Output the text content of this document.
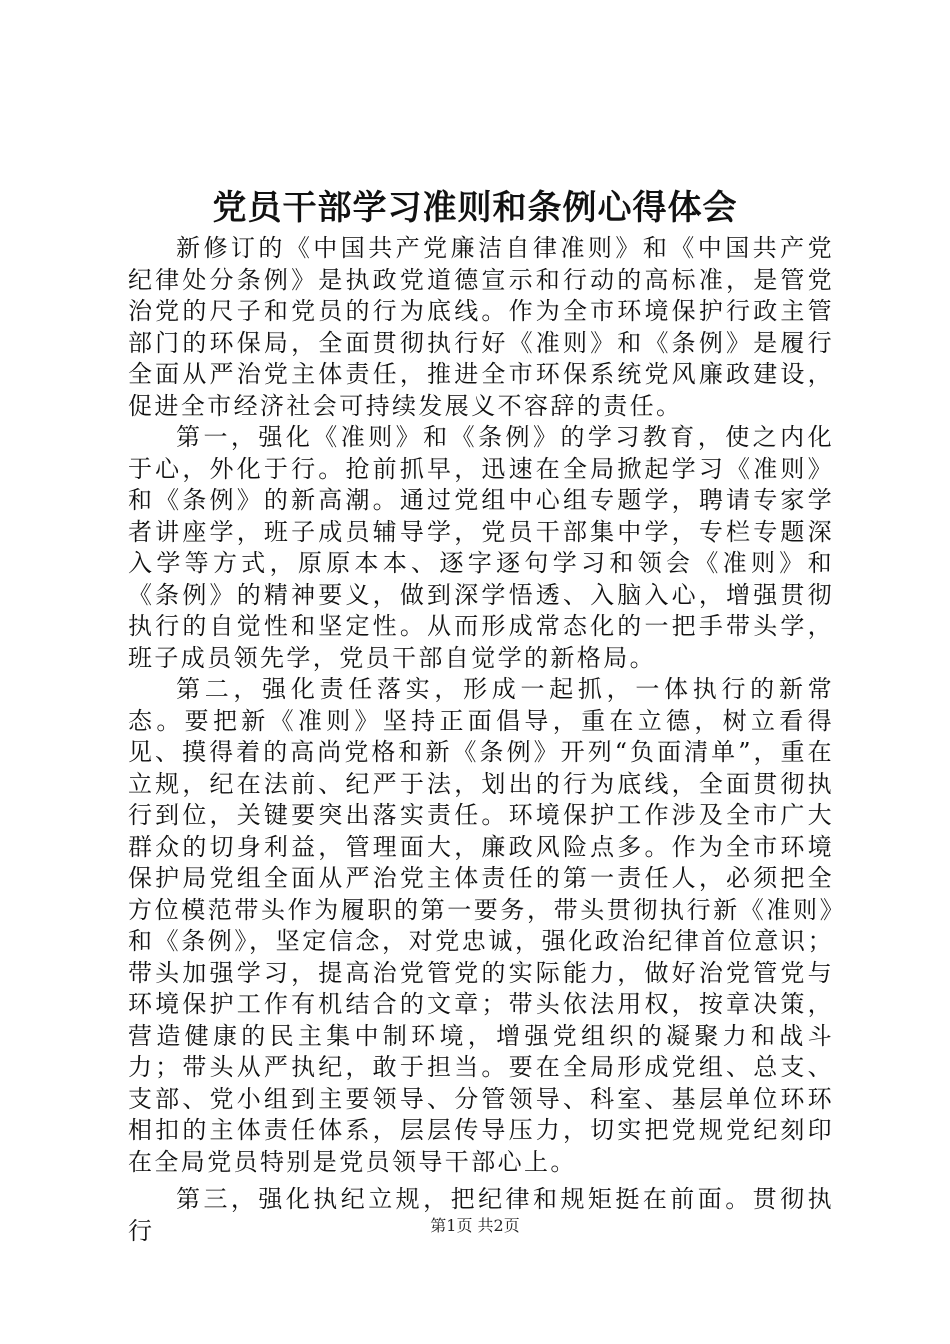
党员干部学习准则和条例心得体会

新修订的《中国共产党廉洁自律准则》和《中国共产党纪律处分条例》是执政党道德宣示和行动的高标准，是管党治党的尺子和党员的行为底线。作为全市环境保护行政主管部门的环保局，全面贯彻执行好《准则》和《条例》是履行全面从严治党主体责任，推进全市环保系统党风廉政建设，促进全市经济社会可持续发展义不容辞的责任。

第一，强化《准则》和《条例》的学习教育，使之内化于心，外化于行。抢前抓早，迅速在全局掀起学习《准则》和《条例》的新高潮。通过党组中心组专题学，聘请专家学者讲座学，班子成员辅导学，党员干部集中学，专栏专题深入学等方式，原原本本、逐字逐句学习和领会《准则》和《条例》的精神要义，做到深学悟透、入脑入心，增强贯彻执行的自觉性和坚定性。从而形成常态化的一把手带头学，班子成员领先学，党员干部自觉学的新格局。

第二，强化责任落实，形成一起抓，一体执行的新常态。要把新《准则》坚持正面倡导，重在立德，树立看得见、摸得着的高尚党格和新《条例》开列“负面清单”，重在立规，纪在法前、纪严于法，划出的行为底线，全面贯彻执行到位，关键要突出落实责任。环境保护工作涉及全市广大群众的切身利益，管理面大，廉政风险点多。作为全市环境保护局党组全面从严治党主体责任的第一责任人，必须把全方位模范带头作为履职的第一要务，带头贯彻执行新《准则》和《条例》，坚定信念，对党忠诚，强化政治纪律首位意识；带头加强学习，提高治党管党的实际能力，做好治党管党与环境保护工作有机结合的文章；带头依法用权，按章决策，营造健康的民主集中制环境，增强党组织的凝聚力和战斗力；带头从严执纪，敢于担当。要在全局形成党组、总支、支部、党小组到主要领导、分管领导、科室、基层单位环环相扣的主体责任体系，层层传导压力，切实把党规党纪刻印在全局党员特别是党员领导干部心上。

第三，强化执纪立规，把纪律和规矩挺在前面。贯彻执行	第1页 共2页
